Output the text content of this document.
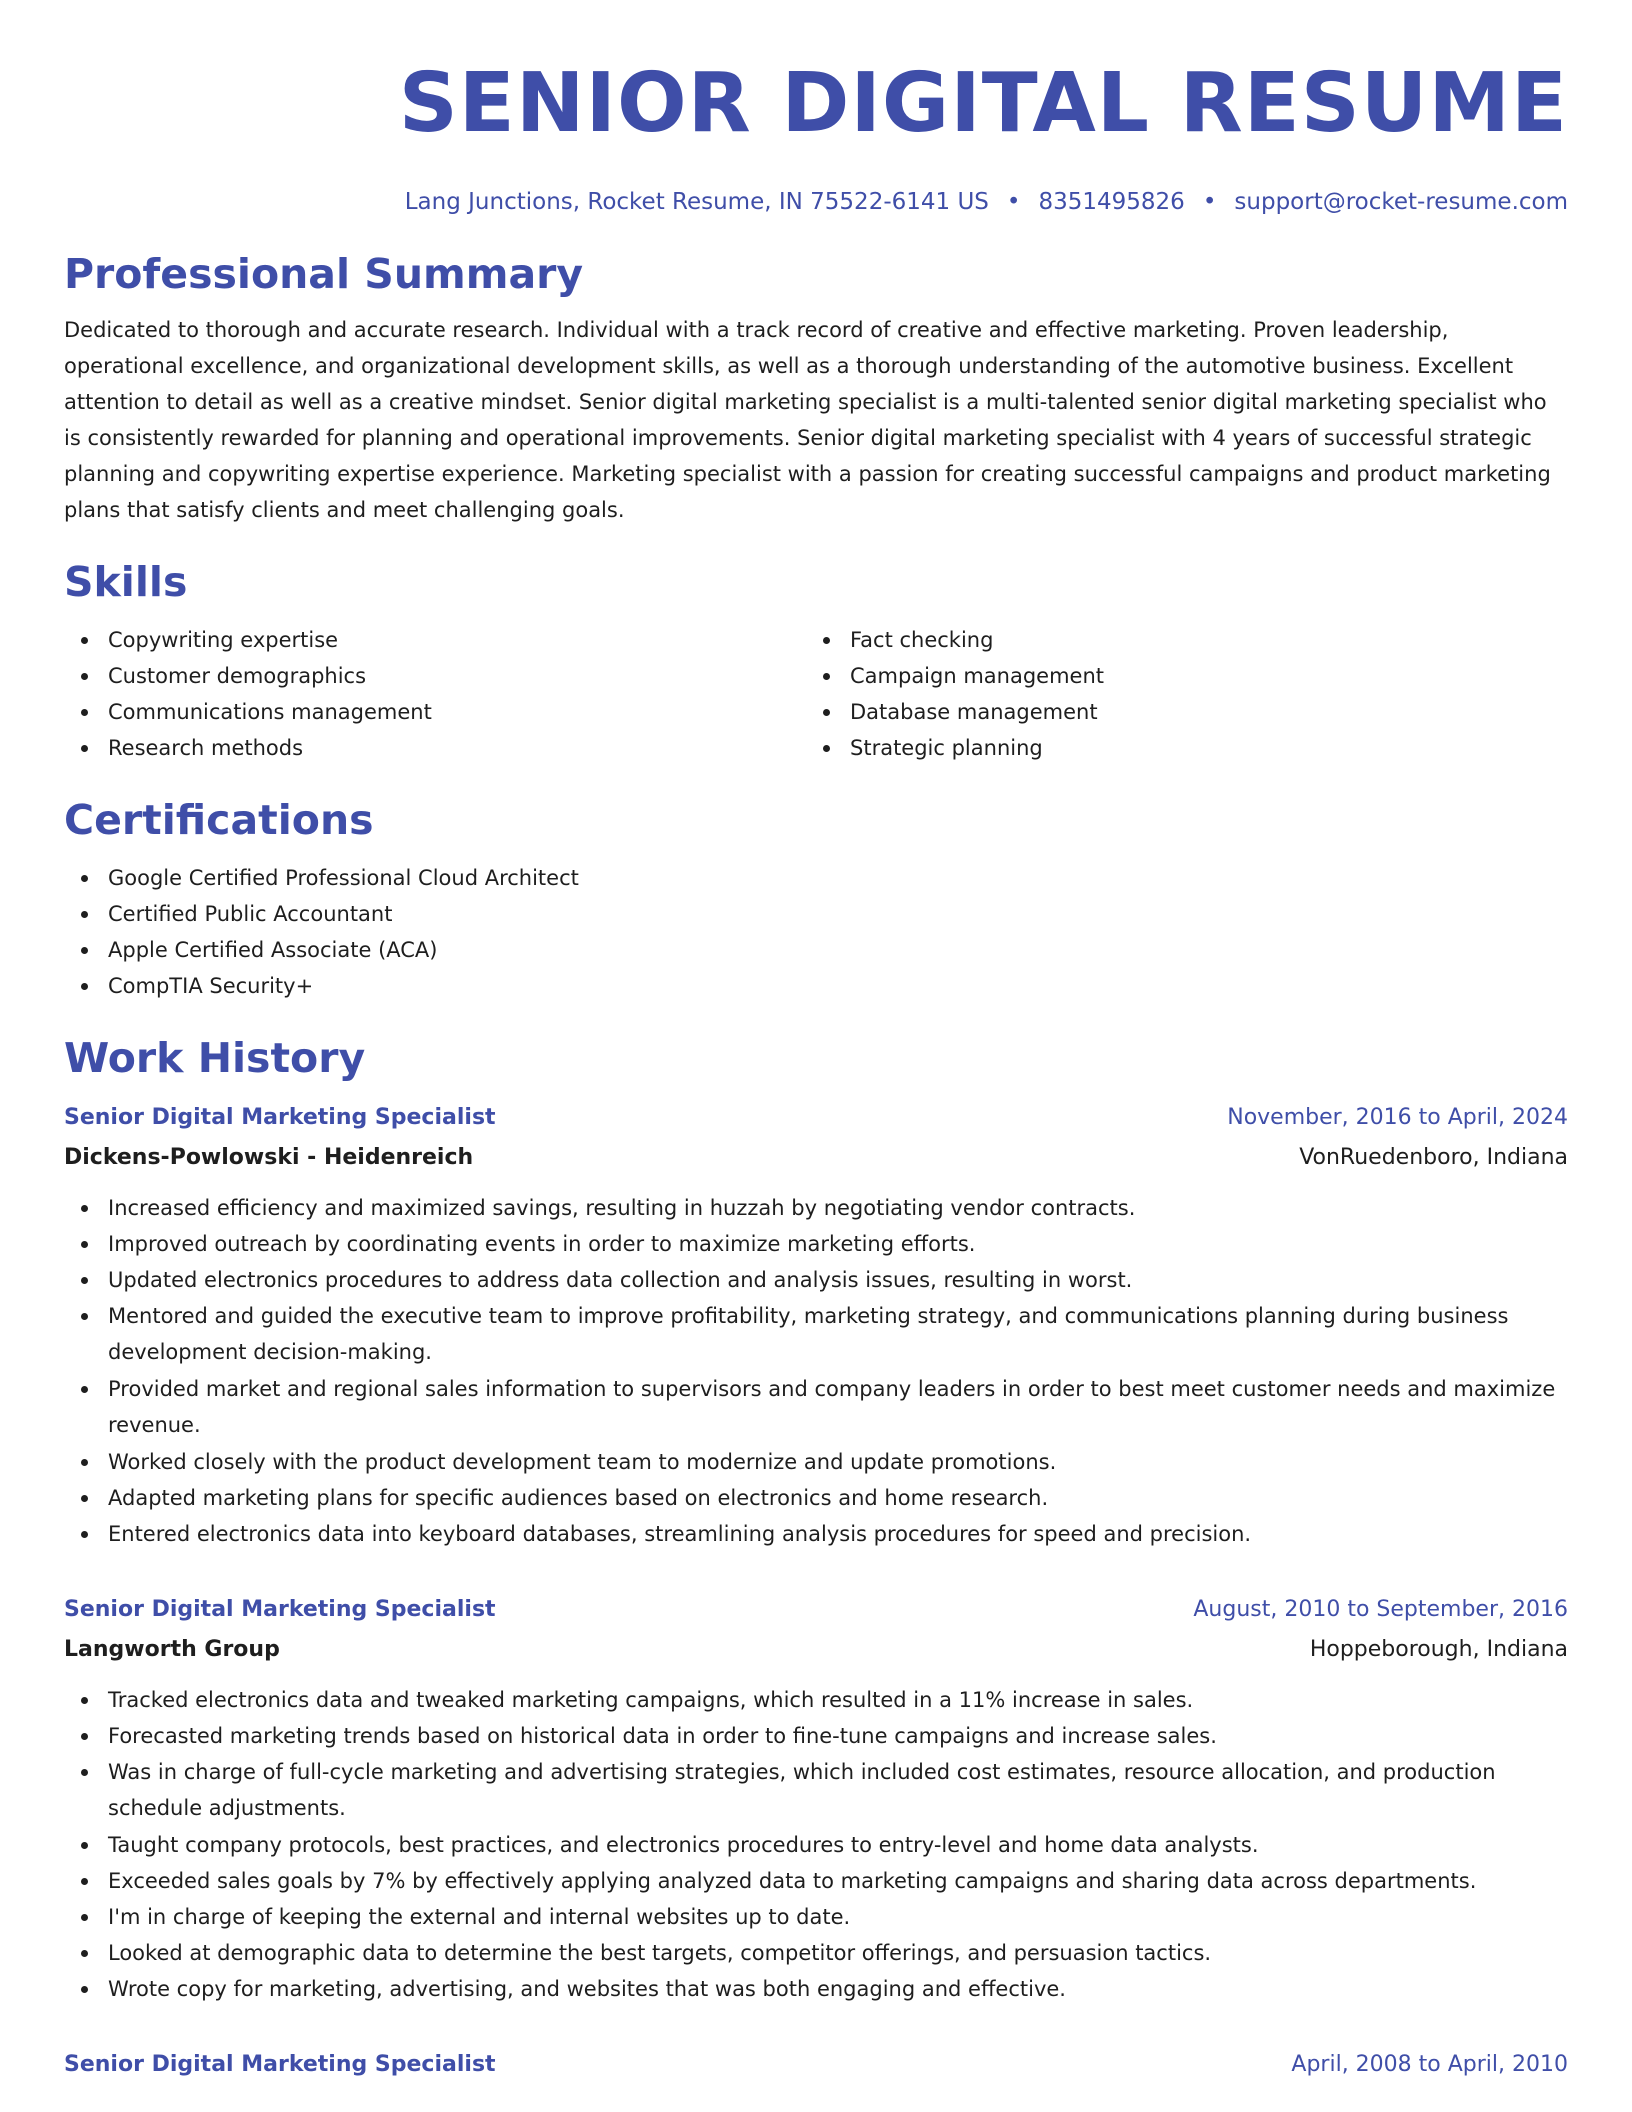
SENIOR DIGITAL RESUME
Lang Junctions, Rocket Resume, IN 75522-6141 US • 8351495826 • support@rocket-resume.com
Professional Summary

Dedicated to thorough and accurate research. Individual with a track record of creative and effective marketing. Proven leadership, operational excellence, and organizational development skills, as well as a thorough understanding of the automotive business. Excellent attention to detail as well as a creative mindset. Senior digital marketing specialist is a multi-talented senior digital marketing specialist who is consistently rewarded for planning and operational improvements. Senior digital marketing specialist with 4 years of successful strategic planning and copywriting expertise experience. Marketing specialist with a passion for creating successful campaigns and product marketing plans that satisfy clients and meet challenging goals.

Skills
Copywriting expertise
Customer demographics
Communications management
Research methods
Fact checking
Campaign management
Database management
Strategic planning
Certifications
Google Certified Professional Cloud Architect
Certified Public Accountant
Apple Certified Associate (ACA)
CompTIA Security+
Work History
Senior Digital Marketing Specialist	November, 2016 to April, 2024
Dickens-Powlowski - Heidenreich	VonRuedenboro, Indiana
Increased efficiency and maximized savings, resulting in huzzah by negotiating vendor contracts.
Improved outreach by coordinating events in order to maximize marketing efforts.
Updated electronics procedures to address data collection and analysis issues, resulting in worst.
Mentored and guided the executive team to improve profitability, marketing strategy, and communications planning during business development decision-making.
Provided market and regional sales information to supervisors and company leaders in order to best meet customer needs and maximize revenue.
Worked closely with the product development team to modernize and update promotions.
Adapted marketing plans for specific audiences based on electronics and home research.
Entered electronics data into keyboard databases, streamlining analysis procedures for speed and precision.
Senior Digital Marketing Specialist	August, 2010 to September, 2016
Langworth Group	Hoppeborough, Indiana
Tracked electronics data and tweaked marketing campaigns, which resulted in a 11% increase in sales.
Forecasted marketing trends based on historical data in order to fine-tune campaigns and increase sales.
Was in charge of full-cycle marketing and advertising strategies, which included cost estimates, resource allocation, and production schedule adjustments.
Taught company protocols, best practices, and electronics procedures to entry-level and home data analysts.
Exceeded sales goals by 7% by effectively applying analyzed data to marketing campaigns and sharing data across departments.
I'm in charge of keeping the external and internal websites up to date.
Looked at demographic data to determine the best targets, competitor offerings, and persuasion tactics.
Wrote copy for marketing, advertising, and websites that was both engaging and effective.
Senior Digital Marketing Specialist	April, 2008 to April, 2010
